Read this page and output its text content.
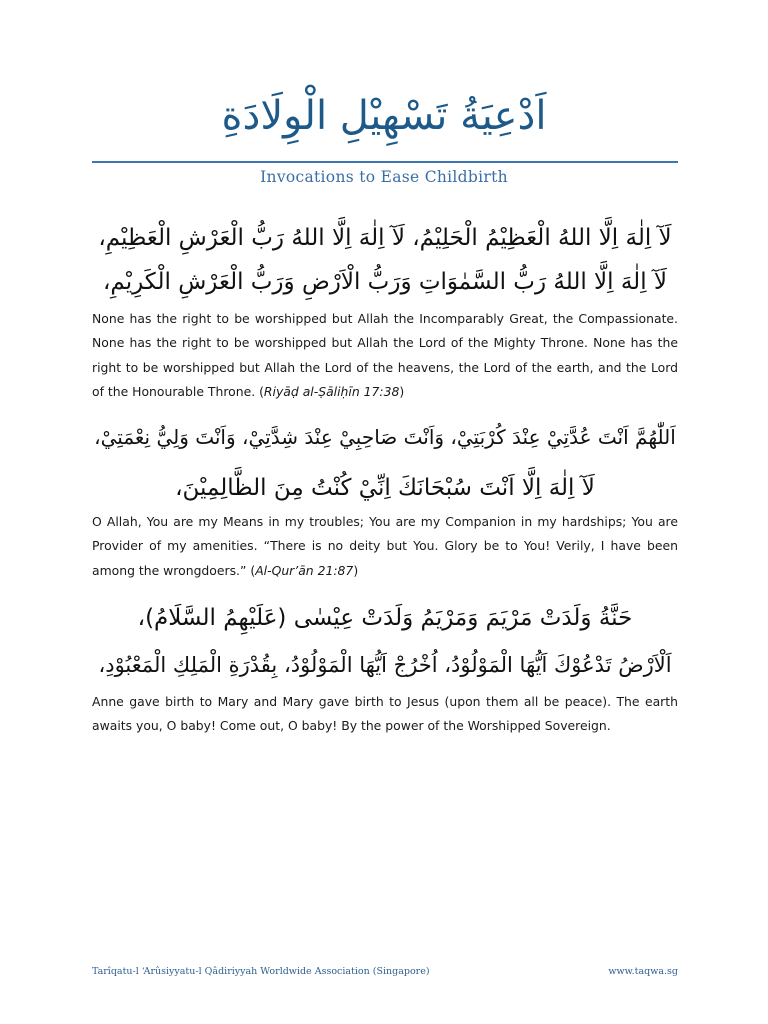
اَدْعِيَةُ تَسْهِيْلِ الْوِلَادَةِ
Invocations to Ease Childbirth
لَآ اِلٰهَ اِلَّا اللهُ الْعَظِيْمُ الْحَلِيْمُ، لَآ اِلٰهَ اِلَّا اللهُ رَبُّ الْعَرْشِ الْعَظِيْمِ،
لَآ اِلٰهَ اِلَّا اللهُ رَبُّ السَّمٰوَاتِ وَرَبُّ الْاَرْضِ وَرَبُّ الْعَرْشِ الْكَرِيْمِ،
None has the right to be worshipped but Allah the Incomparably Great, the Compassionate. None has the right to be worshipped but Allah the Lord of the Mighty Throne. None has the right to be worshipped but Allah the Lord of the heavens, the Lord of the earth, and the Lord of the Honourable Throne. (Riyāḍ al-Ṣāliḥīn 17:38)
اَللّٰهُمَّ اَنْتَ عُدَّتِيْ عِنْدَ كُرْبَتِيْ، وَاَنْتَ صَاحِبِيْ عِنْدَ شِدَّتِيْ، وَاَنْتَ وَلِيُّ نِعْمَتِيْ،
لَآ اِلٰهَ اِلَّا اَنْتَ سُبْحَانَكَ اِنِّيْ كُنْتُ مِنَ الظَّالِمِيْنَ،
O Allah, You are my Means in my troubles; You are my Companion in my hardships; You are Provider of my amenities. “There is no deity but You. Glory be to You! Verily, I have been among the wrongdoers.” (Al-Qur’ān 21:87)
حَنَّةُ وَلَدَتْ مَرْيَمَ وَمَرْيَمُ وَلَدَتْ عِيْسٰى (عَلَيْهِمُ السَّلَامُ)،
اَلْاَرْضُ تَدْعُوْكَ اَيُّهَا الْمَوْلُوْدُ، اُخْرُجْ اَيُّهَا الْمَوْلُوْدُ، بِقُدْرَةِ الْمَلِكِ الْمَعْبُوْدِ،
Anne gave birth to Mary and Mary gave birth to Jesus (upon them all be peace). The earth awaits you, O baby! Come out, O baby! By the power of the Worshipped Sovereign.
Tarîqatu-l ‘Arûsiyyatu-l Qâdiriyyah Worldwide Association (Singapore)	www.taqwa.sg
